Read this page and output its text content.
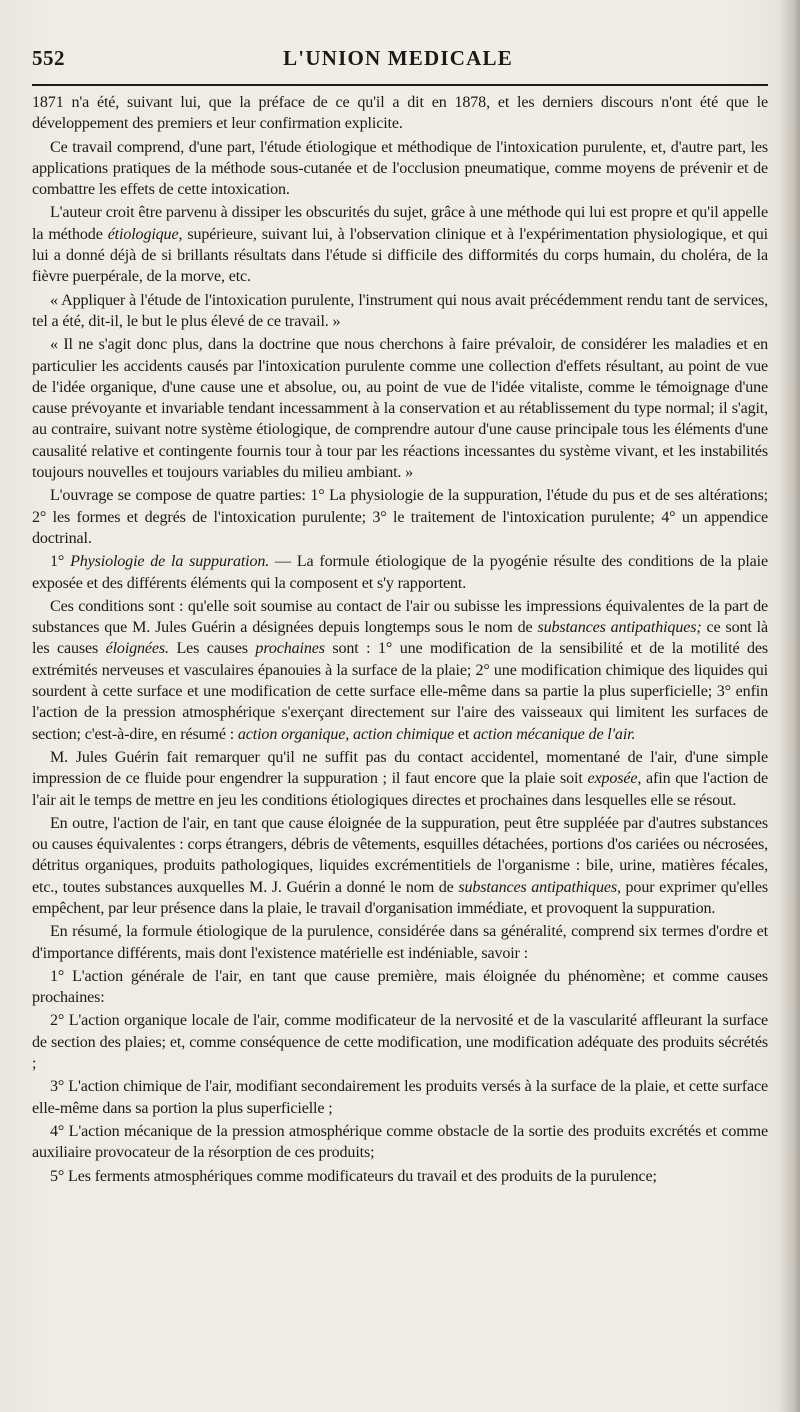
552	L'UNION MEDICALE

1871 n'a été, suivant lui, que la préface de ce qu'il a dit en 1878, et les derniers discours n'ont été que le développement des premiers et leur confirmation explicite.

Ce travail comprend, d'une part, l'étude étiologique et méthodique de l'intoxication purulente, et, d'autre part, les applications pratiques de la méthode sous-cutanée et de l'occlusion pneumatique, comme moyens de prévenir et de combattre les effets de cette intoxication.

L'auteur croit être parvenu à dissiper les obscurités du sujet, grâce à une méthode qui lui est propre et qu'il appelle la méthode étiologique, supérieure, suivant lui, à l'observation clinique et à l'expérimentation physiologique, et qui lui a donné déjà de si brillants résultats dans l'étude si difficile des difformités du corps humain, du choléra, de la fièvre puerpérale, de la morve, etc.

« Appliquer à l'étude de l'intoxication purulente, l'instrument qui nous avait précédemment rendu tant de services, tel a été, dit-il, le but le plus élevé de ce travail. »

« Il ne s'agit donc plus, dans la doctrine que nous cherchons à faire prévaloir, de considérer les maladies et en particulier les accidents causés par l'intoxication purulente comme une collection d'effets résultant, au point de vue de l'idée organique, d'une cause une et absolue, ou, au point de vue de l'idée vitaliste, comme le témoignage d'une cause prévoyante et invariable tendant incessamment à la conservation et au rétablissement du type normal; il s'agit, au contraire, suivant notre système étiologique, de comprendre autour d'une cause principale tous les éléments d'une causalité relative et contingente fournis tour à tour par les réactions incessantes du système vivant, et les instabilités toujours nouvelles et toujours variables du milieu ambiant. »

L'ouvrage se compose de quatre parties: 1° La physiologie de la suppuration, l'étude du pus et de ses altérations; 2° les formes et degrés de l'intoxication purulente; 3° le traitement de l'intoxication purulente; 4° un appendice doctrinal.

1° Physiologie de la suppuration. — La formule étiologique de la pyogénie résulte des conditions de la plaie exposée et des différents éléments qui la composent et s'y rapportent.

Ces conditions sont : qu'elle soit soumise au contact de l'air ou subisse les impressions équivalentes de la part de substances que M. Jules Guérin a désignées depuis longtemps sous le nom de substances antipathiques; ce sont là les causes éloignées. Les causes prochaines sont : 1° une modification de la sensibilité et de la motilité des extrémités nerveuses et vasculaires épanouies à la surface de la plaie; 2° une modification chimique des liquides qui sourdent à cette surface et une modification de cette surface elle-même dans sa partie la plus superficielle; 3° enfin l'action de la pression atmosphérique s'exerçant directement sur l'aire des vaisseaux qui limitent les surfaces de section; c'est-à-dire, en résumé : action organique, action chimique et action mécanique de l'air.

M. Jules Guérin fait remarquer qu'il ne suffit pas du contact accidentel, momentané de l'air, d'une simple impression de ce fluide pour engendrer la suppuration ; il faut encore que la plaie soit exposée, afin que l'action de l'air ait le temps de mettre en jeu les conditions étiologiques directes et prochaines dans lesquelles elle se résout.

En outre, l'action de l'air, en tant que cause éloignée de la suppuration, peut être suppléée par d'autres substances ou causes équivalentes : corps étrangers, débris de vêtements, esquilles détachées, portions d'os cariées ou nécrosées, détritus organiques, produits pathologiques, liquides excrémentitiels de l'organisme : bile, urine, matières fécales, etc., toutes substances auxquelles M. J. Guérin a donné le nom de substances antipathiques, pour exprimer qu'elles empêchent, par leur présence dans la plaie, le travail d'organisation immédiate, et provoquent la suppuration.

En résumé, la formule étiologique de la purulence, considérée dans sa généralité, comprend six termes d'ordre et d'importance différents, mais dont l'existence matérielle est indéniable, savoir :

1° L'action générale de l'air, en tant que cause première, mais éloignée du phénomène; et comme causes prochaines:

2° L'action organique locale de l'air, comme modificateur de la nervosité et de la vascularité affleurant la surface de section des plaies; et, comme conséquence de cette modification, une modification adéquate des produits sécrétés ;

3° L'action chimique de l'air, modifiant secondairement les produits versés à la surface de la plaie, et cette surface elle-même dans sa portion la plus superficielle ;

4° L'action mécanique de la pression atmosphérique comme obstacle de la sortie des produits excrétés et comme auxiliaire provocateur de la résorption de ces produits;

5° Les ferments atmosphériques comme modificateurs du travail et des produits de la purulence;
